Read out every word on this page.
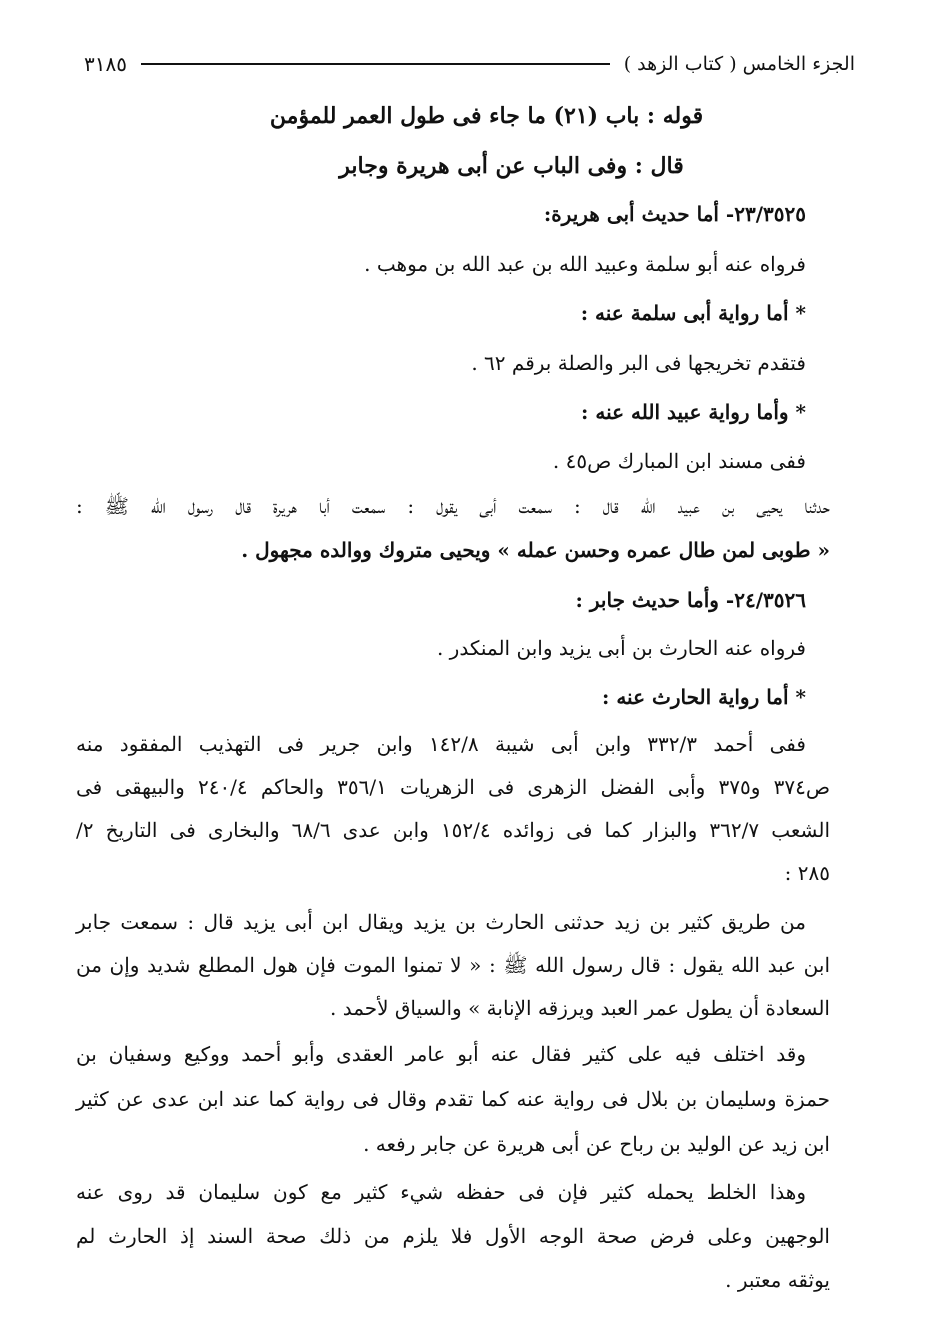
الجزء الخامس ( كتاب الزهد )
٣١٨٥
قوله : باب (٢١) ما جاء فى طول العمر للمؤمن
قال : وفى الباب عن أبى هريرة وجابر
٢٣/٣٥٢٥- أما حديث أبى هريرة:
فرواه عنه أبو سلمة وعبيد الله بن عبد الله بن موهب .
* أما رواية أبى سلمة عنه :
فتقدم تخريجها فى البر والصلة برقم ٦٢ .
* وأما رواية عبيد الله عنه :
ففى مسند ابن المبارك ص٤٥ .
حدثنا يحيى بن عبيد الله قال : سمعت أبى يقول : سمعت أبا هريرة قال رسول الله ﷺ :
« طوبى لمن طال عمره وحسن عمله » ويحيى متروك ووالده مجهول .
٢٤/٣٥٢٦- وأما حديث جابر :
فرواه عنه الحارث بن أبى يزيد وابن المنكدر .
* أما رواية الحارث عنه :
ففى أحمد ٣٣٢/٣ وابن أبى شيبة ١٤٢/٨ وابن جرير فى التهذيب المفقود منه
ص٣٧٤ و٣٧٥ وأبى الفضل الزهرى فى الزهريات ٣٥٦/١ والحاكم ٢٤٠/٤ والبيهقى فى
الشعب ٣٦٢/٧ والبزار كما فى زوائده ١٥٢/٤ وابن عدى ٦٨/٦ والبخارى فى التاريخ ٢/
٢٨٥ :
من طريق كثير بن زيد حدثنى الحارث بن يزيد ويقال ابن أبى يزيد قال : سمعت جابر
ابن عبد الله يقول : قال رسول الله ﷺ : « لا تمنوا الموت فإن هول المطلع شديد وإن من
السعادة أن يطول عمر العبد ويرزقه الإنابة » والسياق لأحمد .
وقد اختلف فيه على كثير فقال عنه أبو عامر العقدى وأبو أحمد ووكيع وسفيان بن
حمزة وسليمان بن بلال فى رواية عنه كما تقدم وقال فى رواية كما عند ابن عدى عن كثير
ابن زيد عن الوليد بن رباح عن أبى هريرة عن جابر رفعه .
وهذا الخلط يحمله كثير فإن فى حفظه شيء كثير مع كون سليمان قد روى عنه
الوجهين وعلى فرض صحة الوجه الأول فلا يلزم من ذلك صحة السند إذ الحارث لم
يوثقه معتبر .
